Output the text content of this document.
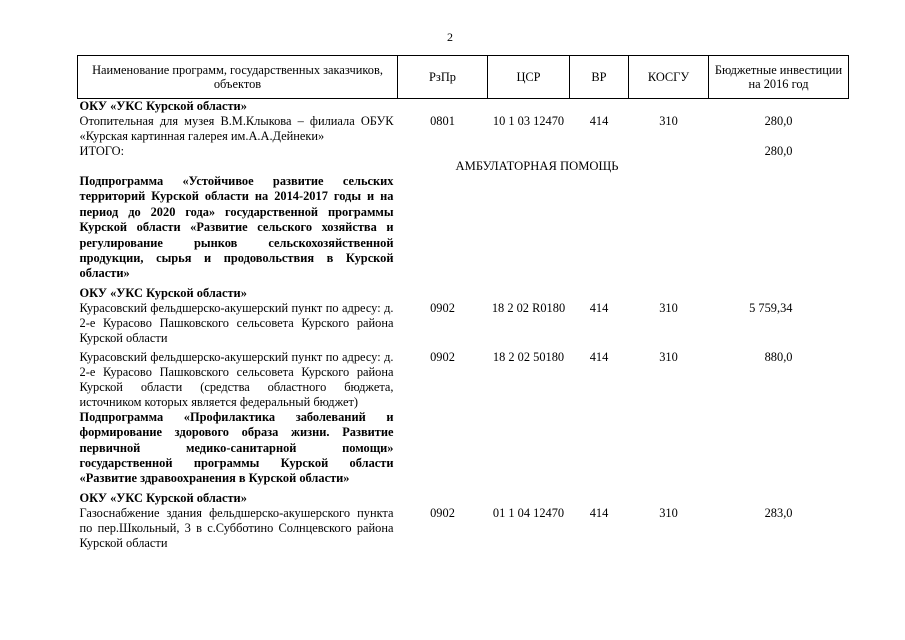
2
Наименование программ, государственных заказчиков, объектов	РзПр	ЦСР	ВР	КОСГУ	Бюджетные инвестиции на 2016 год
ОКУ «УКС Курской области»					
Отопительная для музея В.М.Клыкова – филиала ОБУК «Курская картинная галерея им.А.А.Дейнеки»	0801	10 1 03 12470	414	310	280,0
ИТОГО:					280,0
АМБУЛАТОРНАЯ ПОМОЩЬ					
Подпрограмма «Устойчивое развитие сельских территорий Курской области на 2014-2017 годы и на период до 2020 года» государственной программы Курской области «Развитие сельского хозяйства и регулирование рынков сельскохозяйственной продукции, сырья и продовольствия в Курской области»					

ОКУ «УКС Курской области»					
Курасовский фельдшерско-акушерский пункт по адресу: д. 2-е Курасово Пашковского сельсовета Курского района Курской области	0902	18 2 02 R0180	414	310	5 759,34

Курасовский фельдшерско-акушерский пункт по адресу: д. 2-е Курасово Пашковского сельсовета Курского района Курской области (средства областного бюджета, источником которых является федеральный бюджет)	0902	18 2 02 50180	414	310	880,0
Подпрограмма «Профилактика заболеваний и формирование здорового образа жизни. Развитие первичной медико-санитарной помощи» государственной программы Курской области «Развитие здравоохранения в Курской области»					

ОКУ «УКС Курской области»					
Газоснабжение здания фельдшерско-акушерского пункта по пер.Школьный, 3 в с.Субботино Солнцевского района Курской области	0902	01 1 04 12470	414	310	283,0
